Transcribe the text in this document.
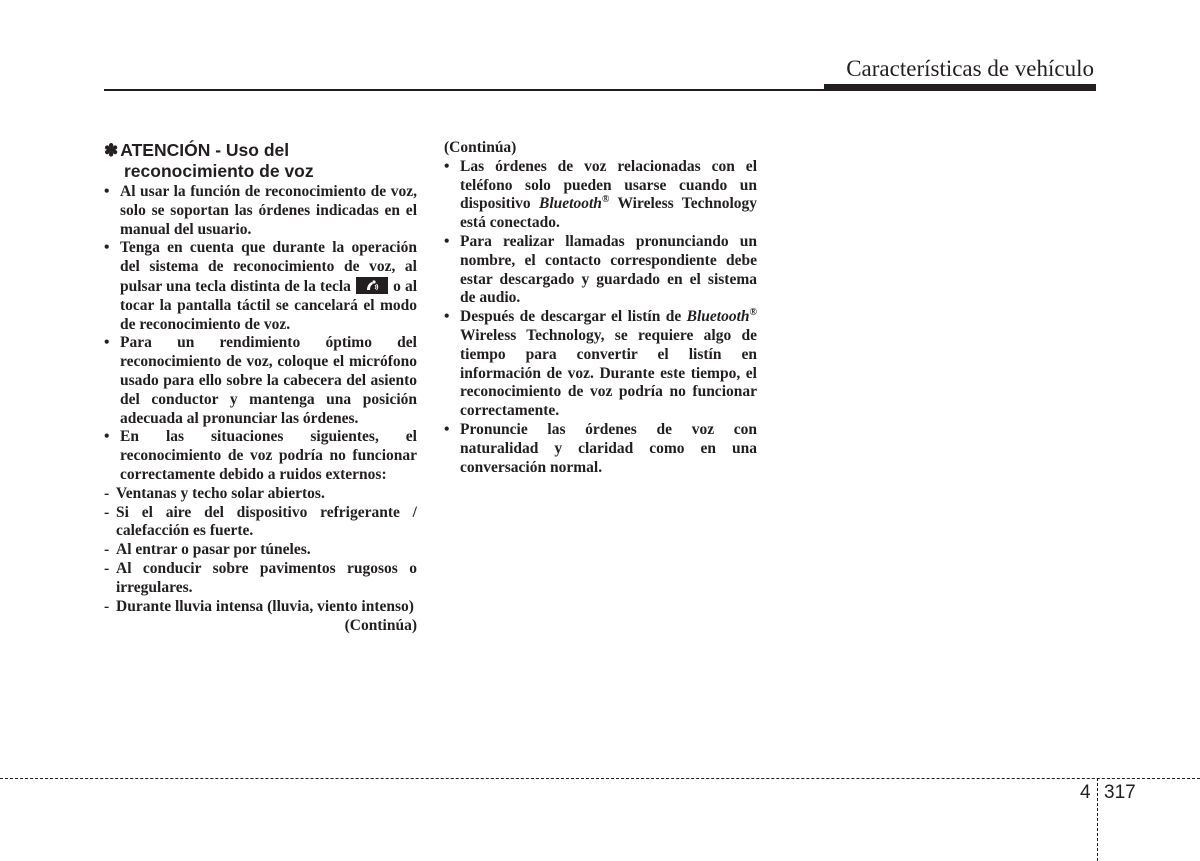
Características de vehículo
✽ ATENCIÓN - Uso del
reconocimiento de voz
• Al usar la función de reconocimiento de voz, solo se soportan las órdenes indicadas en el manual del usuario.
• Tenga en cuenta que durante la operación del sistema de reconocimiento de voz, al pulsar una tecla distinta de la tecla	o al tocar la pantalla táctil se cancelará el modo de reconocimiento de voz.
• Para un rendimiento óptimo del reconocimiento de voz, coloque el micrófono usado para ello sobre la cabecera del asiento del conductor y mantenga una posición adecuada al pronunciar las órdenes.
• En las situaciones siguientes, el reconocimiento de voz podría no funcionar correctamente debido a ruidos externos:
- Ventanas y techo solar abiertos.
- Si el aire del dispositivo refrigerante / calefacción es fuerte.
- Al entrar o pasar por túneles.
- Al conducir sobre pavimentos rugosos o irregulares.
- Durante lluvia intensa (lluvia, viento intenso)
(Continúa)
(Continúa)
• Las órdenes de voz relacionadas con el teléfono solo pueden usarse cuando un dispositivo Bluetooth® Wireless Technology está conectado.
• Para realizar llamadas pronunciando un nombre, el contacto correspondiente debe estar descargado y guardado en el sistema de audio.
• Después de descargar el listín de Bluetooth® Wireless Technology, se requiere algo de tiempo para convertir el listín en información de voz. Durante este tiempo, el reconocimiento de voz podría no funcionar correctamente.
• Pronuncie las órdenes de voz con naturalidad y claridad como en una conversación normal.
4 317
